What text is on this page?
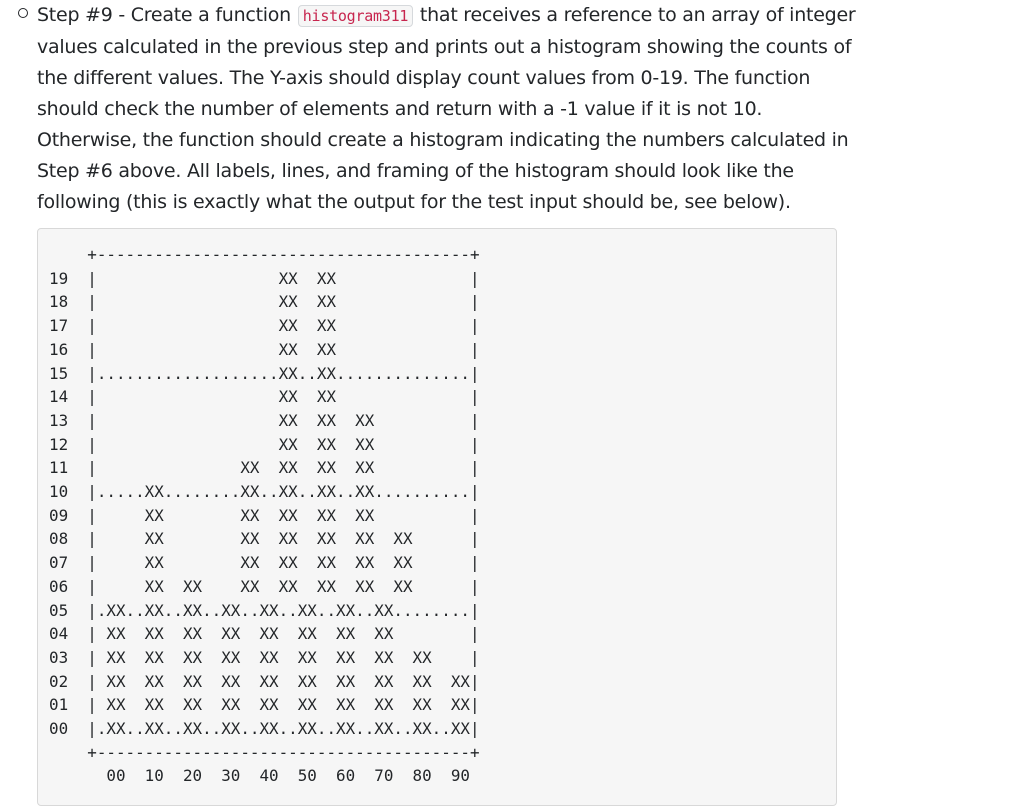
Step #9 - Create a function histogram311 that receives a reference to an array of integer values calculated in the previous step and prints out a histogram showing the counts of the different values. The Y-axis should display count values from 0-19. The function should check the number of elements and return with a -1 value if it is not 10. Otherwise, the function should create a histogram indicating the numbers calculated in Step #6 above. All labels, lines, and framing of the histogram should look like the following (this is exactly what the output for the test input should be, see below).

+---------------------------------------+
19  |                   XX  XX              |
18  |                   XX  XX              |
17  |                   XX  XX              |
16  |                   XX  XX              |
15  |...................XX..XX..............|
14  |                   XX  XX              |
13  |                   XX  XX  XX          |
12  |                   XX  XX  XX          |
11  |               XX  XX  XX  XX          |
10  |.....XX........XX..XX..XX..XX..........|
09  |     XX        XX  XX  XX  XX          |
08  |     XX        XX  XX  XX  XX  XX      |
07  |     XX        XX  XX  XX  XX  XX      |
06  |     XX  XX    XX  XX  XX  XX  XX      |
05  |.XX..XX..XX..XX..XX..XX..XX..XX........|
04  | XX  XX  XX  XX  XX  XX  XX  XX        |
03  | XX  XX  XX  XX  XX  XX  XX  XX  XX    |
02  | XX  XX  XX  XX  XX  XX  XX  XX  XX  XX|
01  | XX  XX  XX  XX  XX  XX  XX  XX  XX  XX|
00  |.XX..XX..XX..XX..XX..XX..XX..XX..XX..XX|
+---------------------------------------+
00  10  20  30  40  50  60  70  80  90
